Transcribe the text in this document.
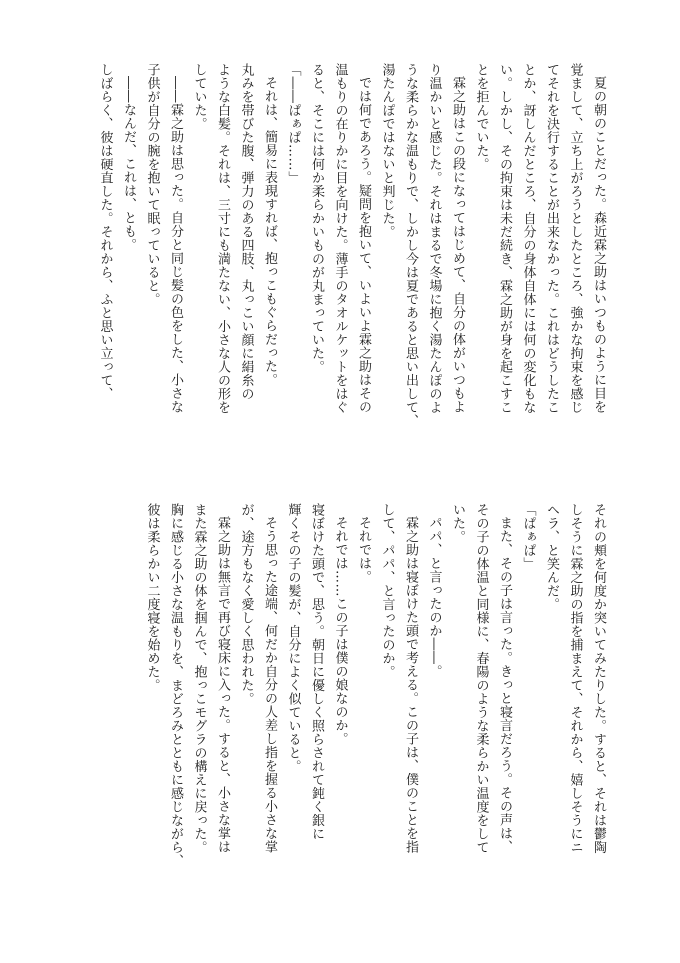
夏の朝のことだった。森近霖之助はいつものように目を
覚まして、立ち上がろうとしたところ、強かな拘束を感じ
てそれを決行することが出来なかった。これはどうしたこ
とか、訝しんだところ、自分の身体自体には何の変化もな
い。しかし、その拘束は未だ続き、霖之助が身を起こすこ
とを拒んでいた。
霖之助はこの段になってはじめて、自分の体がいつもよ
り温かいと感じた。それはまるで冬場に抱く湯たんぽのよ
うな柔らかな温もりで、しかし今は夏であると思い出して、
湯たんぽではないと判じた。
では何であろう。疑問を抱いて、いよいよ霖之助はその
温もりの在りかに目を向けた。薄手のタオルケットをはぐ
ると、そこには何か柔らかいものが丸まっていた。
「――ぱぁぱ……」
それは、簡易に表現すれば、抱っこもぐらだった。
丸みを帯びた腹、弾力のある四肢、丸っこい顔に絹糸の
ような白髪。それは、三寸にも満たない、小さな人の形を
していた。
――霖之助は思った。自分と同じ髪の色をした、小さな
子供が自分の腕を抱いて眠っていると。
――なんだ、これは、とも。
しばらく、彼は硬直した。それから、ふと思い立って、
それの頬を何度か突いてみたりした。すると、それは鬱陶
しそうに霖之助の指を捕まえて、それから、嬉しそうにニ
ヘラ、と笑んだ。
「ぱぁぱ」
また、その子は言った。きっと寝言だろう。その声は、
その子の体温と同様に、春陽のような柔らかい温度をして
いた。
パパ、と言ったのか――。
霖之助は寝ぼけた頭で考える。この子は、僕のことを指
して、パパ、と言ったのか。
それでは。
それでは……この子は僕の娘なのか。
寝ぼけた頭で、思う。朝日に優しく照らされて鈍く銀に
輝くその子の髪が、自分によく似ていると。
そう思った途端、何だか自分の人差し指を握る小さな掌
が、途方もなく愛しく思われた。
霖之助は無言で再び寝床に入った。すると、小さな掌は
また霖之助の体を掴んで、抱っこモグラの構えに戻った。
胸に感じる小さな温もりを、まどろみとともに感じながら、
彼は柔らかい二度寝を始めた。
